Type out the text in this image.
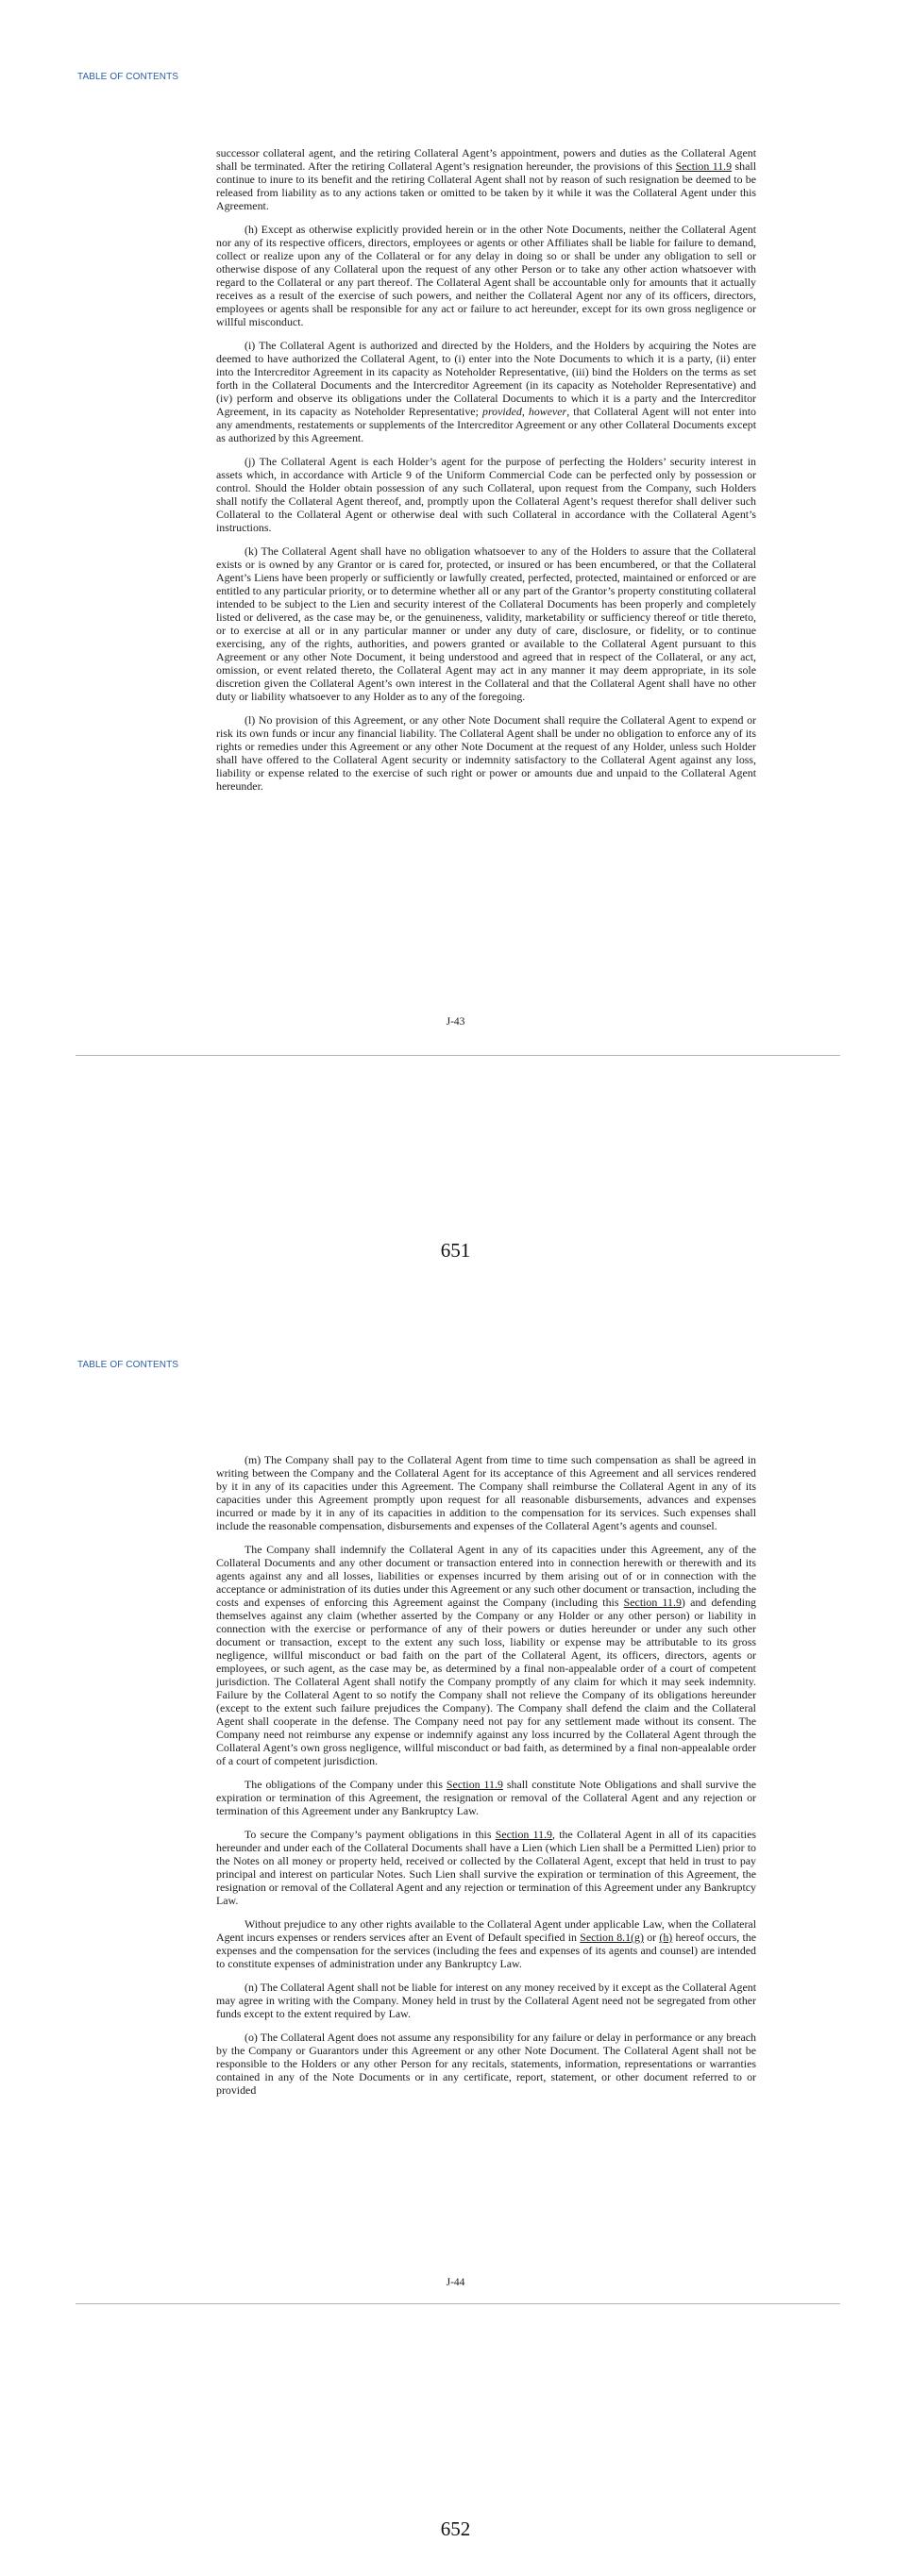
TABLE OF CONTENTS

successor collateral agent, and the retiring Collateral Agent’s appointment, powers and duties as the Collateral Agent shall be terminated. After the retiring Collateral Agent’s resignation hereunder, the provisions of this Section 11.9 shall continue to inure to its benefit and the retiring Collateral Agent shall not by reason of such resignation be deemed to be released from liability as to any actions taken or omitted to be taken by it while it was the Collateral Agent under this Agreement.

(h) Except as otherwise explicitly provided herein or in the other Note Documents, neither the Collateral Agent nor any of its respective officers, directors, employees or agents or other Affiliates shall be liable for failure to demand, collect or realize upon any of the Collateral or for any delay in doing so or shall be under any obligation to sell or otherwise dispose of any Collateral upon the request of any other Person or to take any other action whatsoever with regard to the Collateral or any part thereof. The Collateral Agent shall be accountable only for amounts that it actually receives as a result of the exercise of such powers, and neither the Collateral Agent nor any of its officers, directors, employees or agents shall be responsible for any act or failure to act hereunder, except for its own gross negligence or willful misconduct.

(i) The Collateral Agent is authorized and directed by the Holders, and the Holders by acquiring the Notes are deemed to have authorized the Collateral Agent, to (i) enter into the Note Documents to which it is a party, (ii) enter into the Intercreditor Agreement in its capacity as Noteholder Representative, (iii) bind the Holders on the terms as set forth in the Collateral Documents and the Intercreditor Agreement (in its capacity as Noteholder Representative) and (iv) perform and observe its obligations under the Collateral Documents to which it is a party and the Intercreditor Agreement, in its capacity as Noteholder Representative; provided, however, that Collateral Agent will not enter into any amendments, restatements or supplements of the Intercreditor Agreement or any other Collateral Documents except as authorized by this Agreement.

(j) The Collateral Agent is each Holder’s agent for the purpose of perfecting the Holders’ security interest in assets which, in accordance with Article 9 of the Uniform Commercial Code can be perfected only by possession or control. Should the Holder obtain possession of any such Collateral, upon request from the Company, such Holders shall notify the Collateral Agent thereof, and, promptly upon the Collateral Agent’s request therefor shall deliver such Collateral to the Collateral Agent or otherwise deal with such Collateral in accordance with the Collateral Agent’s instructions.

(k) The Collateral Agent shall have no obligation whatsoever to any of the Holders to assure that the Collateral exists or is owned by any Grantor or is cared for, protected, or insured or has been encumbered, or that the Collateral Agent’s Liens have been properly or sufficiently or lawfully created, perfected, protected, maintained or enforced or are entitled to any particular priority, or to determine whether all or any part of the Grantor’s property constituting collateral intended to be subject to the Lien and security interest of the Collateral Documents has been properly and completely listed or delivered, as the case may be, or the genuineness, validity, marketability or sufficiency thereof or title thereto, or to exercise at all or in any particular manner or under any duty of care, disclosure, or fidelity, or to continue exercising, any of the rights, authorities, and powers granted or available to the Collateral Agent pursuant to this Agreement or any other Note Document, it being understood and agreed that in respect of the Collateral, or any act, omission, or event related thereto, the Collateral Agent may act in any manner it may deem appropriate, in its sole discretion given the Collateral Agent’s own interest in the Collateral and that the Collateral Agent shall have no other duty or liability whatsoever to any Holder as to any of the foregoing.

(l) No provision of this Agreement, or any other Note Document shall require the Collateral Agent to expend or risk its own funds or incur any financial liability. The Collateral Agent shall be under no obligation to enforce any of its rights or remedies under this Agreement or any other Note Document at the request of any Holder, unless such Holder shall have offered to the Collateral Agent security or indemnity satisfactory to the Collateral Agent against any loss, liability or expense related to the exercise of such right or power or amounts due and unpaid to the Collateral Agent hereunder.

J-43
651
TABLE OF CONTENTS

(m) The Company shall pay to the Collateral Agent from time to time such compensation as shall be agreed in writing between the Company and the Collateral Agent for its acceptance of this Agreement and all services rendered by it in any of its capacities under this Agreement. The Company shall reimburse the Collateral Agent in any of its capacities under this Agreement promptly upon request for all reasonable disbursements, advances and expenses incurred or made by it in any of its capacities in addition to the compensation for its services. Such expenses shall include the reasonable compensation, disbursements and expenses of the Collateral Agent’s agents and counsel.

The Company shall indemnify the Collateral Agent in any of its capacities under this Agreement, any of the Collateral Documents and any other document or transaction entered into in connection herewith or therewith and its agents against any and all losses, liabilities or expenses incurred by them arising out of or in connection with the acceptance or administration of its duties under this Agreement or any such other document or transaction, including the costs and expenses of enforcing this Agreement against the Company (including this Section 11.9) and defending themselves against any claim (whether asserted by the Company or any Holder or any other person) or liability in connection with the exercise or performance of any of their powers or duties hereunder or under any such other document or transaction, except to the extent any such loss, liability or expense may be attributable to its gross negligence, willful misconduct or bad faith on the part of the Collateral Agent, its officers, directors, agents or employees, or such agent, as the case may be, as determined by a final non-appealable order of a court of competent jurisdiction. The Collateral Agent shall notify the Company promptly of any claim for which it may seek indemnity. Failure by the Collateral Agent to so notify the Company shall not relieve the Company of its obligations hereunder (except to the extent such failure prejudices the Company). The Company shall defend the claim and the Collateral Agent shall cooperate in the defense. The Company need not pay for any settlement made without its consent. The Company need not reimburse any expense or indemnify against any loss incurred by the Collateral Agent through the Collateral Agent’s own gross negligence, willful misconduct or bad faith, as determined by a final non-appealable order of a court of competent jurisdiction.

The obligations of the Company under this Section 11.9 shall constitute Note Obligations and shall survive the expiration or termination of this Agreement, the resignation or removal of the Collateral Agent and any rejection or termination of this Agreement under any Bankruptcy Law.

To secure the Company’s payment obligations in this Section 11.9, the Collateral Agent in all of its capacities hereunder and under each of the Collateral Documents shall have a Lien (which Lien shall be a Permitted Lien) prior to the Notes on all money or property held, received or collected by the Collateral Agent, except that held in trust to pay principal and interest on particular Notes. Such Lien shall survive the expiration or termination of this Agreement, the resignation or removal of the Collateral Agent and any rejection or termination of this Agreement under any Bankruptcy Law.

Without prejudice to any other rights available to the Collateral Agent under applicable Law, when the Collateral Agent incurs expenses or renders services after an Event of Default specified in Section 8.1(g) or (h) hereof occurs, the expenses and the compensation for the services (including the fees and expenses of its agents and counsel) are intended to constitute expenses of administration under any Bankruptcy Law.

(n) The Collateral Agent shall not be liable for interest on any money received by it except as the Collateral Agent may agree in writing with the Company. Money held in trust by the Collateral Agent need not be segregated from other funds except to the extent required by Law.

(o) The Collateral Agent does not assume any responsibility for any failure or delay in performance or any breach by the Company or Guarantors under this Agreement or any other Note Document. The Collateral Agent shall not be responsible to the Holders or any other Person for any recitals, statements, information, representations or warranties contained in any of the Note Documents or in any certificate, report, statement, or other document referred to or provided

J-44
652
